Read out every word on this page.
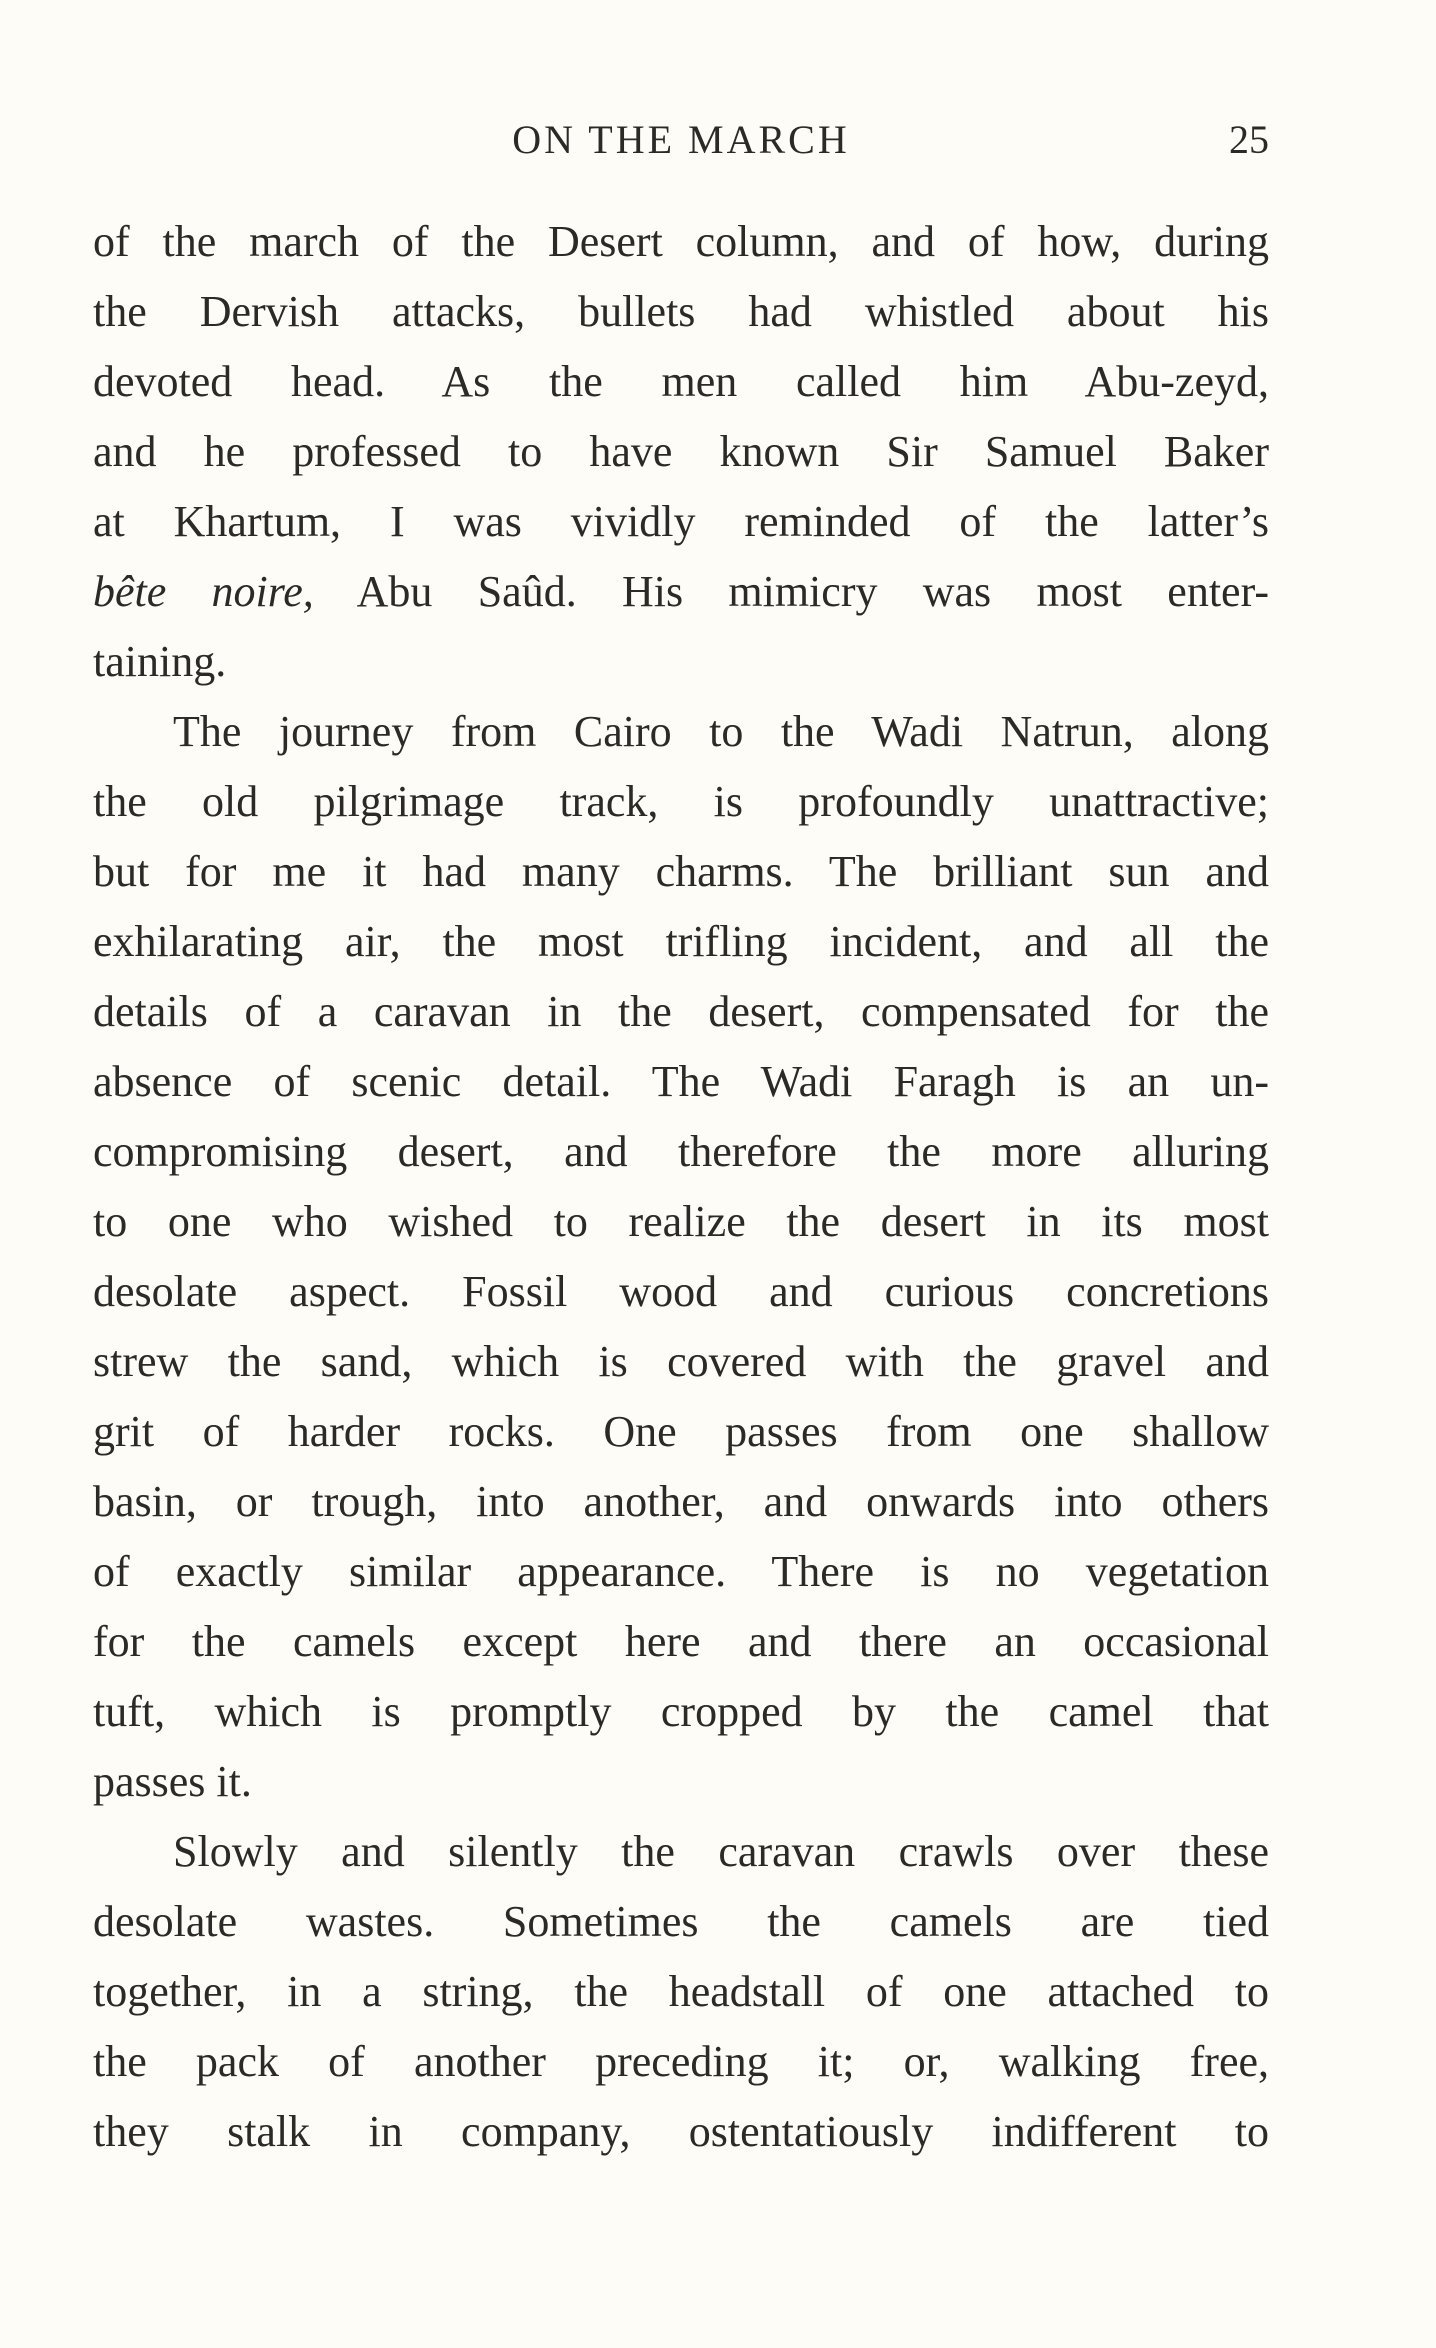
ON THE MARCH	25
of the march of the Desert column, and of how, during
the Dervish attacks, bullets had whistled about his
devoted head. As the men called him Abu-zeyd,
and he professed to have known Sir Samuel Baker
at Khartum, I was vividly reminded of the latter’s
bête noire, Abu Saûd. His mimicry was most enter-
taining.
The journey from Cairo to the Wadi Natrun, along
the old pilgrimage track, is profoundly unattractive;
but for me it had many charms. The brilliant sun and
exhilarating air, the most trifling incident, and all the
details of a caravan in the desert, compensated for the
absence of scenic detail. The Wadi Faragh is an un-
compromising desert, and therefore the more alluring
to one who wished to realize the desert in its most
desolate aspect. Fossil wood and curious concretions
strew the sand, which is covered with the gravel and
grit of harder rocks. One passes from one shallow
basin, or trough, into another, and onwards into others
of exactly similar appearance. There is no vegetation
for the camels except here and there an occasional
tuft, which is promptly cropped by the camel that
passes it.
Slowly and silently the caravan crawls over these
desolate wastes. Sometimes the camels are tied
together, in a string, the headstall of one attached to
the pack of another preceding it; or, walking free,
they stalk in company, ostentatiously indifferent to
